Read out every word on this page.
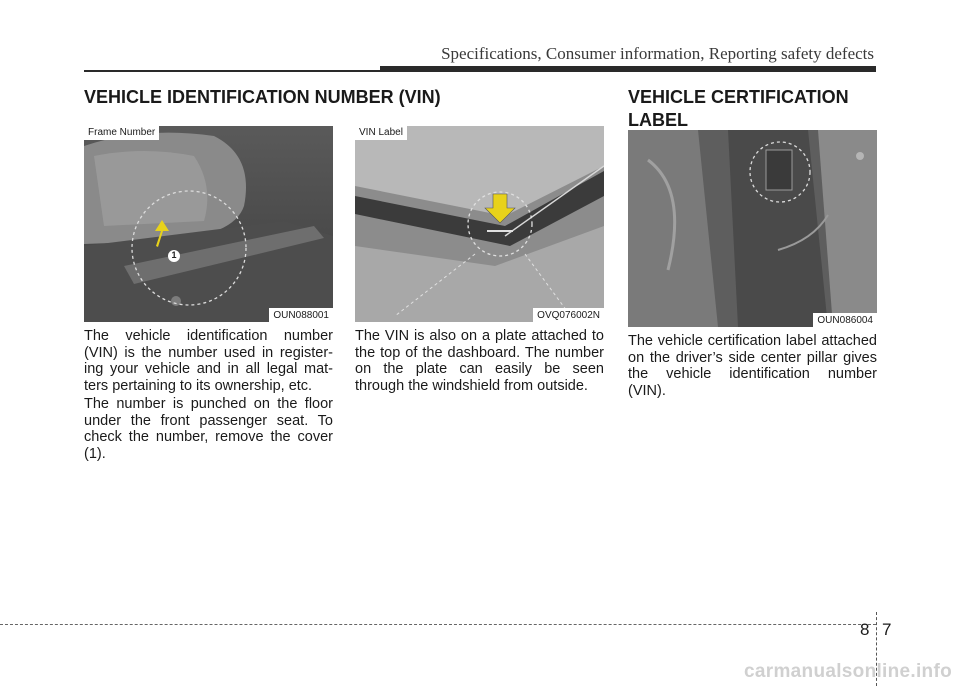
Specifications, Consumer information, Reporting safety defects
VEHICLE IDENTIFICATION NUMBER (VIN)
Frame Number
1
OUN088001
VIN Label
OVQ076002N
VEHICLE CERTIFICATION LABEL
OUN086004

The vehicle identification number (VIN) is the number used in register-ing your vehicle and in all legal mat-ters pertaining to its ownership, etc.

The number is punched on the floor under the front passenger seat. To check the number, remove the cover (1).

The VIN is also on a plate attached to the top of the dashboard. The number on the plate can easily be seen through the windshield from outside.

The vehicle certification label attached on the driver’s side center pillar gives the vehicle identification number (VIN).

8 7
carmanualsonline.info
